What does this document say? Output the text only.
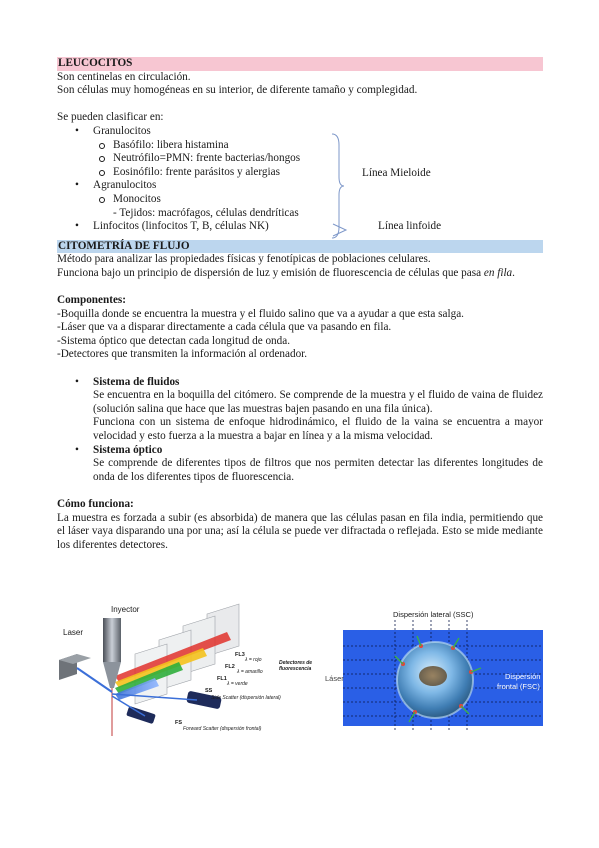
LEUCOCITOS
Son centinelas en circulación.
Son células muy homogéneas en su interior, de diferente tamaño y complegidad.
Se pueden clasificar en:
• Granulocitos
Basófilo: libera histamina
Neutrófilo=PMN: frente bacterias/hongos
Eosinófilo: frente parásitos y alergias
• Agranulocitos
Monocitos
- Tejidos: macrófagos, células dendríticas
• Linfocitos (linfocitos T, B, células NK)
Línea Mieloide
Línea linfoide
CITOMETRÍA DE FLUJO
Método para analizar las propiedades físicas y fenotípicas de poblaciones celulares.
Funciona bajo un principio de dispersión de luz y emisión de fluorescencia de células que pasa en fila.
Componentes:
-Boquilla donde se encuentra la muestra y el fluido salino que va a ayudar a que esta salga.
-Láser que va a disparar directamente a cada célula que va pasando en fila.
-Sistema óptico que detectan cada longitud de onda.
-Detectores que transmiten la información al ordenador.
• Sistema de fluidos
Se encuentra en la boquilla del citómero. Se comprende de la muestra y el fluido de vaina de fluidez (solución salina que hace que las muestras bajen pasando en una fila única).
Funciona con un sistema de enfoque hidrodinámico, el fluido de la vaina se encuentra a mayor velocidad y esto fuerza a la muestra a bajar en línea y a la misma velocidad.
• Sistema óptico
Se comprende de diferentes tipos de filtros que nos permiten detectar las diferentes longitudes de onda de los diferentes tipos de fluorescencia.
Cómo funciona:
La muestra es forzada a subir (es absorbida) de manera que las células pasan en fila india, permitiendo que el láser vaya disparando una por una; así la célula se puede ver difractada o reflejada. Esto se mide mediante los diferentes detectores.
Laser
Inyector
FL3
λ = rojo
FL2
λ = amarillo
FL1
λ = verde
Detectores de fluorescencia
SS
Side Scatter (dispersión lateral)
FS
Forward Scatter (dispersión frontal)
Dispersión lateral (SSC)
Láser	Dispersión
frontal (FSC)
